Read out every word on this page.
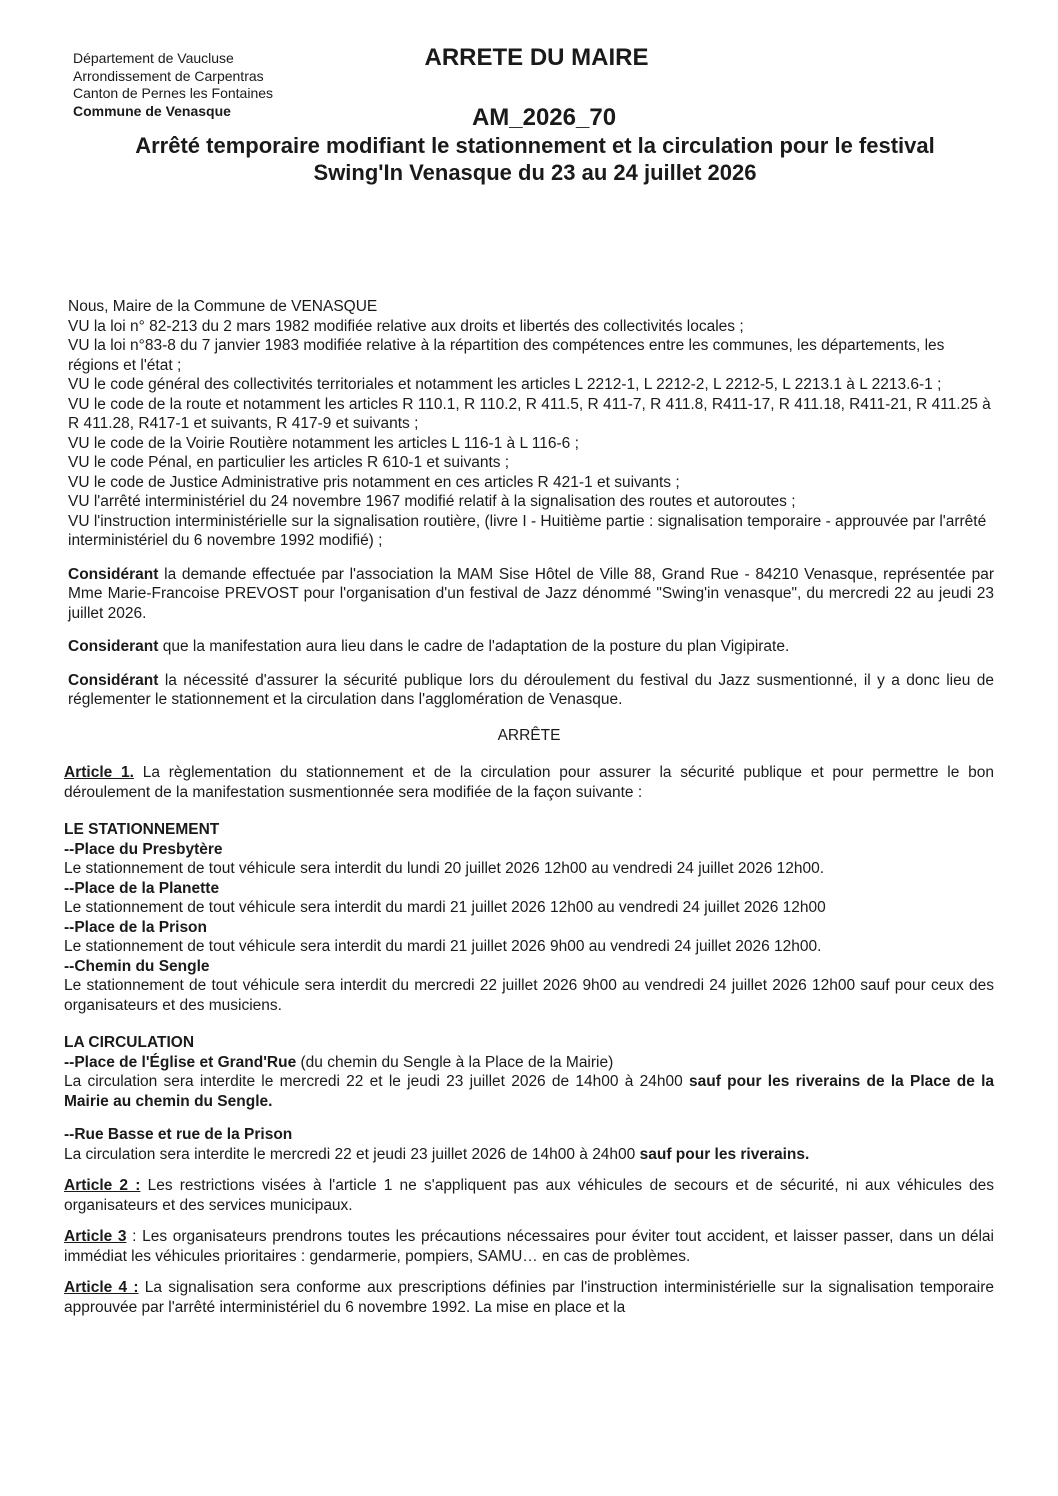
Département de Vaucluse
Arrondissement de Carpentras
Canton de Pernes les Fontaines
Commune de Venasque
ARRETE DU MAIRE
AM_2026_70
Arrêté temporaire modifiant le stationnement et la circulation pour le festival
Swing'In Venasque du 23 au 24 juillet 2026

Nous, Maire de la Commune de VENASQUE

VU la loi n° 82-213 du 2 mars 1982 modifiée relative aux droits et libertés des collectivités locales ;

VU la loi n°83-8 du 7 janvier 1983 modifiée relative à la répartition des compétences entre les communes, les départements, les régions et l'état ;

VU le code général des collectivités territoriales et notamment les articles L 2212-1, L 2212-2, L 2212-5, L 2213.1 à L 2213.6-1 ;

VU le code de la route et notamment les articles R 110.1, R 110.2, R 411.5, R 411-7, R 411.8, R411-17, R 411.18, R411-21, R 411.25 à R 411.28, R417-1 et suivants, R 417-9 et suivants ;

VU le code de la Voirie Routière notamment les articles L 116-1 à L 116-6 ;

VU le code Pénal, en particulier les articles R 610-1 et suivants ;

VU le code de Justice Administrative pris notamment en ces articles R 421-1 et suivants ;

VU l'arrêté interministériel du 24 novembre 1967 modifié relatif à la signalisation des routes et autoroutes ;

VU l'instruction interministérielle sur la signalisation routière, (livre I - Huitième partie : signalisation temporaire - approuvée par l'arrêté interministériel du 6 novembre 1992 modifié) ;

Considérant la demande effectuée par l'association la MAM Sise Hôtel de Ville 88, Grand Rue - 84210 Venasque, représentée par Mme Marie-Francoise PREVOST pour l'organisation d'un festival de Jazz dénommé "Swing'in venasque", du mercredi 22 au jeudi 23 juillet 2026.

Considerant que la manifestation aura lieu dans le cadre de l'adaptation de la posture du plan Vigipirate.

Considérant la nécessité d'assurer la sécurité publique lors du déroulement du festival du Jazz susmentionné, il y a donc lieu de réglementer le stationnement et la circulation dans l'agglomération de Venasque.

ARRÊTE

Article 1. La règlementation du stationnement et de la circulation pour assurer la sécurité publique et pour permettre le bon déroulement de la manifestation susmentionnée sera modifiée de la façon suivante :

LE STATIONNEMENT

--Place du Presbytère

Le stationnement de tout véhicule sera interdit du lundi 20 juillet 2026 12h00 au vendredi 24 juillet 2026 12h00.

--Place de la Planette

Le stationnement de tout véhicule sera interdit du mardi 21 juillet 2026 12h00 au vendredi 24 juillet 2026 12h00

--Place de la Prison

Le stationnement de tout véhicule sera interdit du mardi 21 juillet 2026 9h00 au vendredi 24 juillet 2026 12h00.

--Chemin du Sengle

Le stationnement de tout véhicule sera interdit du mercredi 22 juillet 2026 9h00 au vendredi 24 juillet 2026 12h00 sauf pour ceux des organisateurs et des musiciens.

LA CIRCULATION

--Place de l'Église et Grand'Rue (du chemin du Sengle à la Place de la Mairie)

La circulation sera interdite le mercredi 22 et le jeudi 23 juillet 2026 de 14h00 à 24h00 sauf pour les riverains de la Place de la Mairie au chemin du Sengle.

--Rue Basse et rue de la Prison

La circulation sera interdite le mercredi 22 et jeudi 23 juillet 2026 de 14h00 à 24h00 sauf pour les riverains.

Article 2 : Les restrictions visées à l'article 1 ne s'appliquent pas aux véhicules de secours et de sécurité, ni aux véhicules des organisateurs et des services municipaux.

Article 3 : Les organisateurs prendrons toutes les précautions nécessaires pour éviter tout accident, et laisser passer, dans un délai immédiat les véhicules prioritaires : gendarmerie, pompiers, SAMU… en cas de problèmes.

Article 4 : La signalisation sera conforme aux prescriptions définies par l'instruction interministérielle sur la signalisation temporaire approuvée par l'arrêté interministériel du 6 novembre 1992. La mise en place et la
